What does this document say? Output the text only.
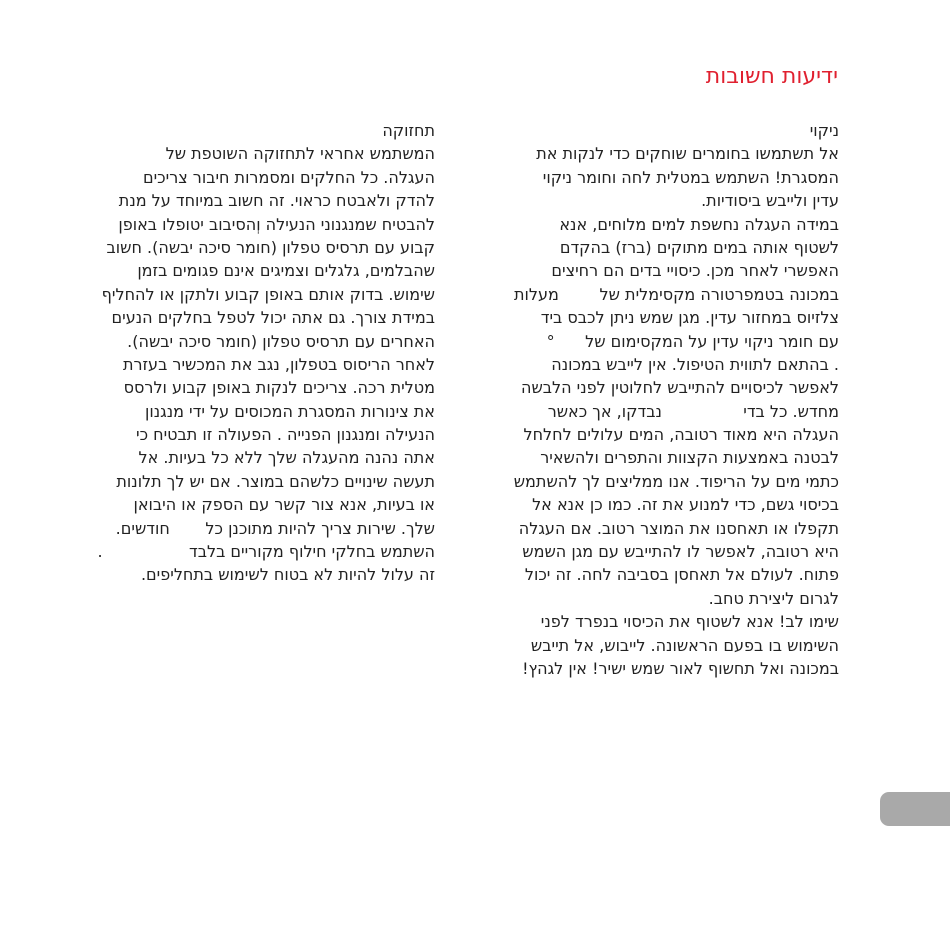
ידיעות חשובות
ניקוי
אל תשתמשו בחומרים שוחקים כדי לנקות את
המסגרת! השתמש במטלית לחה וחומר ניקוי
עדין ולייבש ביסודיות.
במידה העגלה נחשפת למים מלוחים, אנא
לשטוף אותה במים מתוקים (ברז) בהקדם
האפשרי לאחר מכן. כיסויי בדים הם רחיצים
במכונה בטמפרטורה מקסימלית של        מעלות
צלזיוס במחזור עדין. מגן שמש ניתן לכבס ביד
עם חומר ניקוי עדין על המקסימום של      °
. בהתאם לתווית הטיפול. אין לייבש במכונה
לאפשר לכיסויים להתייבש לחלוטין לפני הלבשה
מחדש. כל בדי                נבדקו, אך כאשר
העגלה היא מאוד רטובה, המים עלולים לחלחל
לבטנה באמצעות הקצוות והתפרים ולהשאיר
כתמי מים על הריפוד. אנו ממליצים לך להשתמש
בכיסוי גשם, כדי למנוע את זה. כמו כן אנא אל
תקפלו או תאחסנו את המוצר רטוב. אם העגלה
היא רטובה, לאפשר לו להתייבש עם מגן השמש
פתוח. לעולם אל תאחסן בסביבה לחה. זה יכול
לגרום ליצירת טחב.
שימו לב! אנא לשטוף את הכיסוי בנפרד לפני
השימוש בו בפעם הראשונה. לייבוש, אל תייבש
במכונה ואל תחשוף לאור שמש ישיר! אין לגהץ!
תחזוקה
המשתמש אחראי לתחזוקה השוטפת של
העגלה. כל החלקים ומסמרות חיבור צריכים
להדק ולאבטח כראוי. זה חשוב במיוחד על מנת
להבטיח שמנגנוני הנעילה וְהסיבוב יטופלו באופן
קבוע עם תרסיס טפלון (חומר סיכה יבשה). חשוב
שהבלמים, גלגלים וצמיגים אינם פגומים בזמן
שימוש. בדוק אותם באופן קבוע ולתקן או להחליף
במידת צורך. גם אתה יכול לטפל בחלקים הנעים
האחרים עם תרסיס טפלון (חומר סיכה יבשה).
לאחר הריסוס בטפלון, נגב את המכשיר בעזרת
מטלית רכה. צריכים לנקות באופן קבוע ולרסס
את צינורות המסגרת המכוסים על ידי מנגנון
הנעילה ומנגנון הפנייה . הפעולה זו תבטיח כי
אתה נהנה מהעגלה שלך ללא כל בעיות. אל
תעשה שינויים כלשהם במוצר. אם יש לך תלונות
או בעיות, אנא צור קשר עם הספק או היבואן
שלך. שירות צריך להיות מתוכנן כל       חודשים.
השתמש בחלקי חילוף מקוריים בלבד                 .
זה עלול להיות לא בטוח לשימוש בתחליפים.
